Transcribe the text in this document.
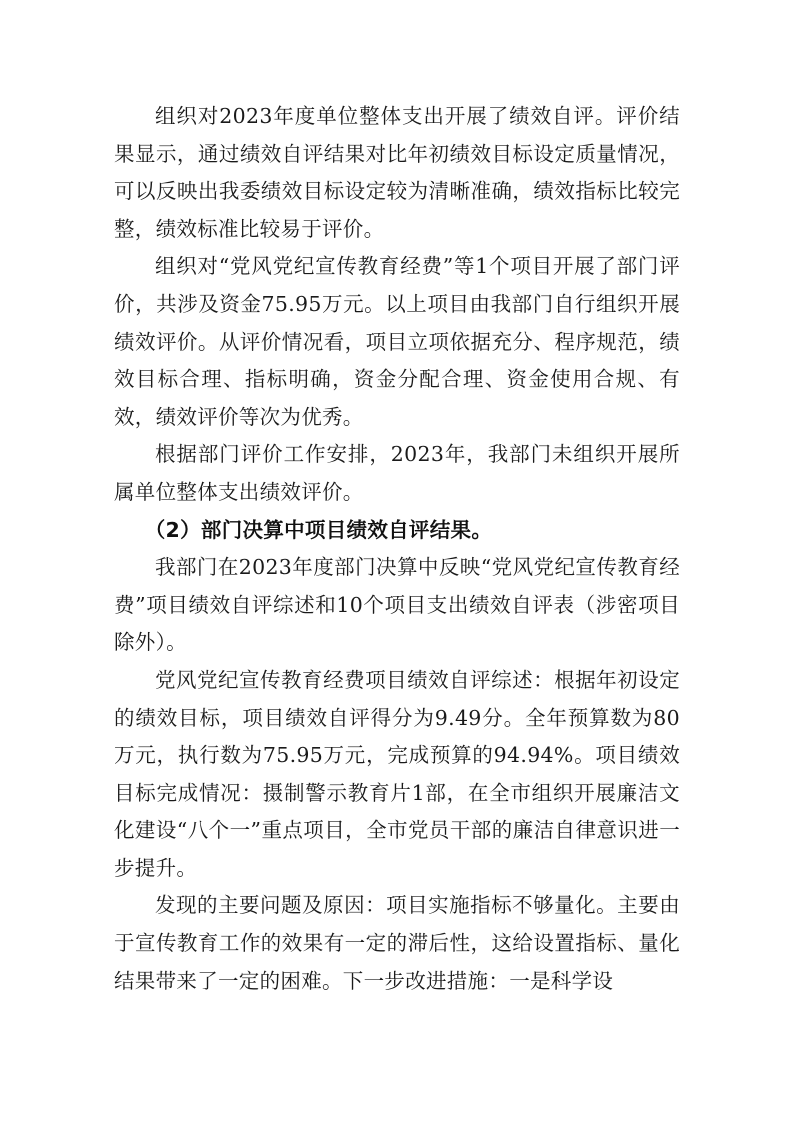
组织对2023年度单位整体支出开展了绩效自评。评价结果显示，通过绩效自评结果对比年初绩效目标设定质量情况，可以反映出我委绩效目标设定较为清晰准确，绩效指标比较完整，绩效标准比较易于评价。

组织对“党风党纪宣传教育经费”等1个项目开展了部门评价，共涉及资金75.95万元。以上项目由我部门自行组织开展绩效评价。从评价情况看，项目立项依据充分、程序规范，绩效目标合理、指标明确，资金分配合理、资金使用合规、有效，绩效评价等次为优秀。

根据部门评价工作安排，2023年，我部门未组织开展所属单位整体支出绩效评价。

（2）部门决算中项目绩效自评结果。

我部门在2023年度部门决算中反映“党风党纪宣传教育经费”项目绩效自评综述和10个项目支出绩效自评表（涉密项目除外）。

党风党纪宣传教育经费项目绩效自评综述：根据年初设定的绩效目标，项目绩效自评得分为9.49分。全年预算数为80万元，执行数为75.95万元，完成预算的94.94%。项目绩效目标完成情况：摄制警示教育片1部，在全市组织开展廉洁文化建设“八个一”重点项目，全市党员干部的廉洁自律意识进一步提升。

发现的主要问题及原因：项目实施指标不够量化。主要由于宣传教育工作的效果有一定的滞后性，这给设置指标、量化结果带来了一定的困难。下一步改进措施：一是科学设
